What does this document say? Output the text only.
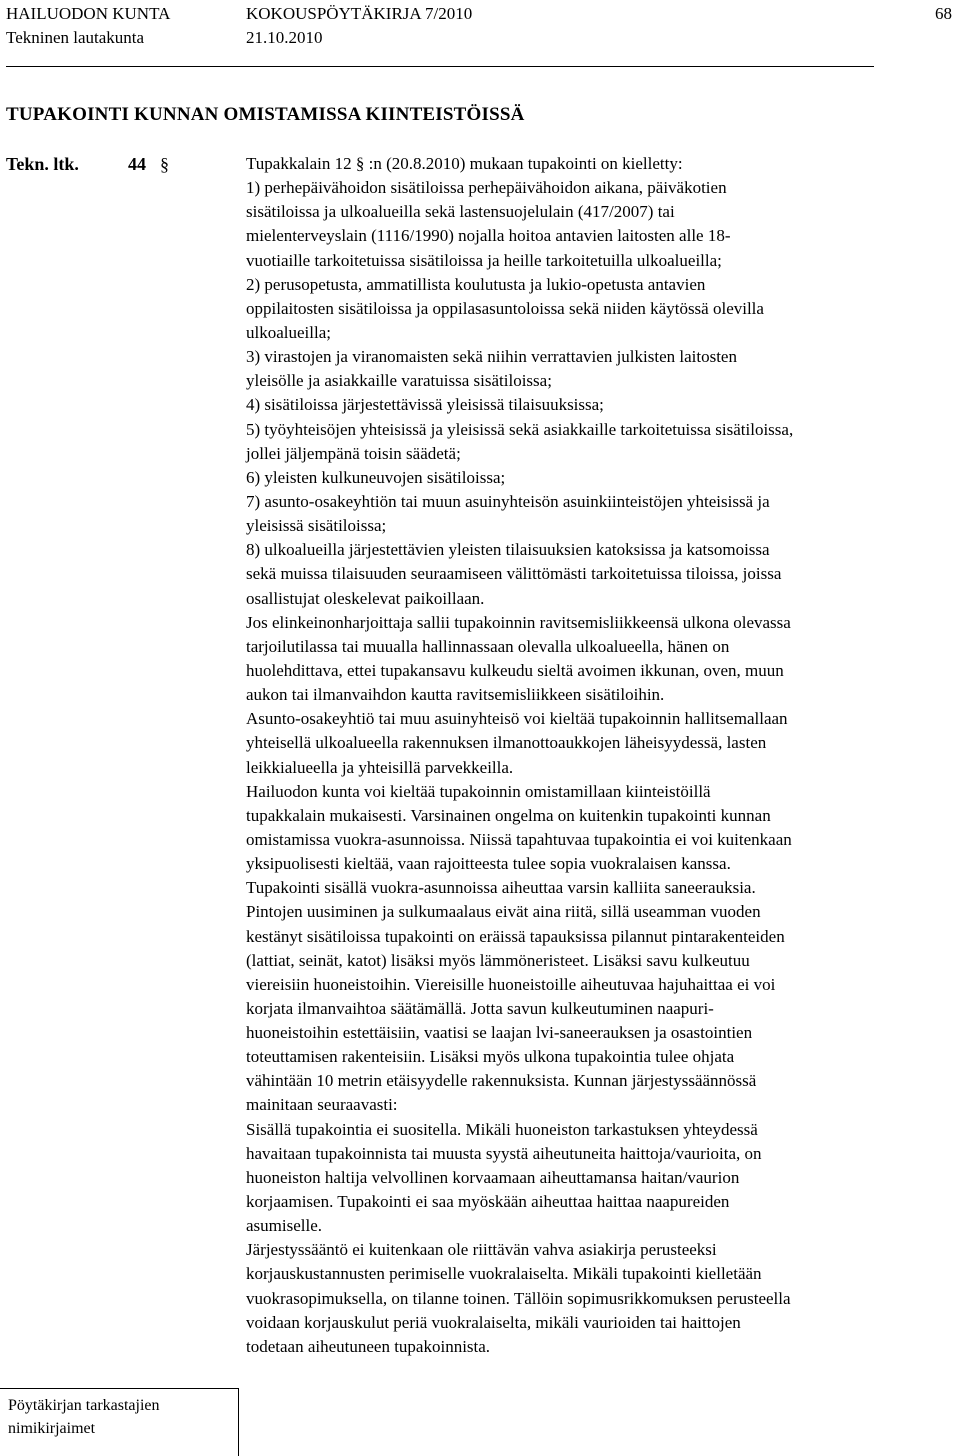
HAILUODON KUNTA	KOKOUSPÖYTÄKIRJA 7/2010	68
Tekninen lautakunta	21.10.2010
TUPAKOINTI KUNNAN OMISTAMISSA KIINTEISTÖISSÄ
Tekn. ltk.	44 §	Tupakkalain 12 § :n (20.8.2010) mukaan tupakointi on kielletty:
1) perhepäivähoidon sisätiloissa perhepäivähoidon aikana, päiväkotien
sisätiloissa ja ulkoalueilla sekä lastensuojelulain (417/2007) tai
mielenterveyslain (1116/1990) nojalla hoitoa antavien laitosten alle 18-
vuotiaille tarkoitetuissa sisätiloissa ja heille tarkoitetuilla ulkoalueilla;
2) perusopetusta, ammatillista koulutusta ja lukio-opetusta antavien
oppilaitosten sisätiloissa ja oppilasasuntoloissa sekä niiden käytössä olevilla
ulkoalueilla;
3) virastojen ja viranomaisten sekä niihin verrattavien julkisten laitosten
yleisölle ja asiakkaille varatuissa sisätiloissa;
4) sisätiloissa järjestettävissä yleisissä tilaisuuksissa;
5) työyhteisöjen yhteisissä ja yleisissä sekä asiakkaille tarkoitetuissa sisätiloissa,
jollei jäljempänä toisin säädetä;
6) yleisten kulkuneuvojen sisätiloissa;
7) asunto-osakeyhtiön tai muun asuinyhteisön asuinkiinteistöjen yhteisissä ja
yleisissä sisätiloissa;
8) ulkoalueilla järjestettävien yleisten tilaisuuksien katoksissa ja katsomoissa
sekä muissa tilaisuuden seuraamiseen välittömästi tarkoitetuissa tiloissa, joissa
osallistujat oleskelevat paikoillaan.
Jos elinkeinonharjoittaja sallii tupakoinnin ravitsemisliikkeensä ulkona olevassa
tarjoilutilassa tai muualla hallinnassaan olevalla ulkoalueella, hänen on
huolehdittava, ettei tupakansavu kulkeudu sieltä avoimen ikkunan, oven, muun
aukon tai ilmanvaihdon kautta ravitsemisliikkeen sisätiloihin.
Asunto-osakeyhtiö tai muu asuinyhteisö voi kieltää tupakoinnin hallitsemallaan
yhteisellä ulkoalueella rakennuksen ilmanottoaukkojen läheisyydessä, lasten
leikkialueella ja yhteisillä parvekkeilla.
Hailuodon kunta voi kieltää tupakoinnin omistamillaan kiinteistöillä
tupakkalain mukaisesti. Varsinainen ongelma on kuitenkin tupakointi kunnan
omistamissa vuokra-asunnoissa. Niissä tapahtuvaa tupakointia ei voi kuitenkaan
yksipuolisesti kieltää, vaan rajoitteesta tulee sopia vuokralaisen kanssa.
Tupakointi sisällä vuokra-asunnoissa aiheuttaa varsin kalliita saneerauksia.
Pintojen uusiminen ja sulkumaalaus eivät aina riitä, sillä useamman vuoden
kestänyt sisätiloissa tupakointi on eräissä tapauksissa pilannut pintarakenteiden
(lattiat, seinät, katot) lisäksi myös lämmöneristeet. Lisäksi savu kulkeutuu
viereisiin huoneistoihin. Viereisille huoneistoille aiheutuvaa hajuhaittaa ei voi
korjata ilmanvaihtoa säätämällä. Jotta savun kulkeutuminen naapuri-
huoneistoihin estettäisiin, vaatisi se laajan lvi-saneerauksen ja osastointien
toteuttamisen rakenteisiin. Lisäksi myös ulkona tupakointia tulee ohjata
vähintään 10 metrin etäisyydelle rakennuksista. Kunnan järjestyssäännössä
mainitaan seuraavasti:
Sisällä tupakointia ei suositella. Mikäli huoneiston tarkastuksen yhteydessä
havaitaan tupakoinnista tai muusta syystä aiheutuneita haittoja/vaurioita, on
huoneiston haltija velvollinen korvaamaan aiheuttamansa haitan/vaurion
korjaamisen. Tupakointi ei saa myöskään aiheuttaa haittaa naapureiden
asumiselle.
Järjestyssääntö ei kuitenkaan ole riittävän vahva asiakirja perusteeksi
korjauskustannusten perimiselle vuokralaiselta. Mikäli tupakointi kielletään
vuokrasopimuksella, on tilanne toinen. Tällöin sopimusrikkomuksen perusteella
voidaan korjauskulut periä vuokralaiselta, mikäli vaurioiden tai haittojen
todetaan aiheutuneen tupakoinnista.
Pöytäkirjan tarkastajien
nimikirjaimet
